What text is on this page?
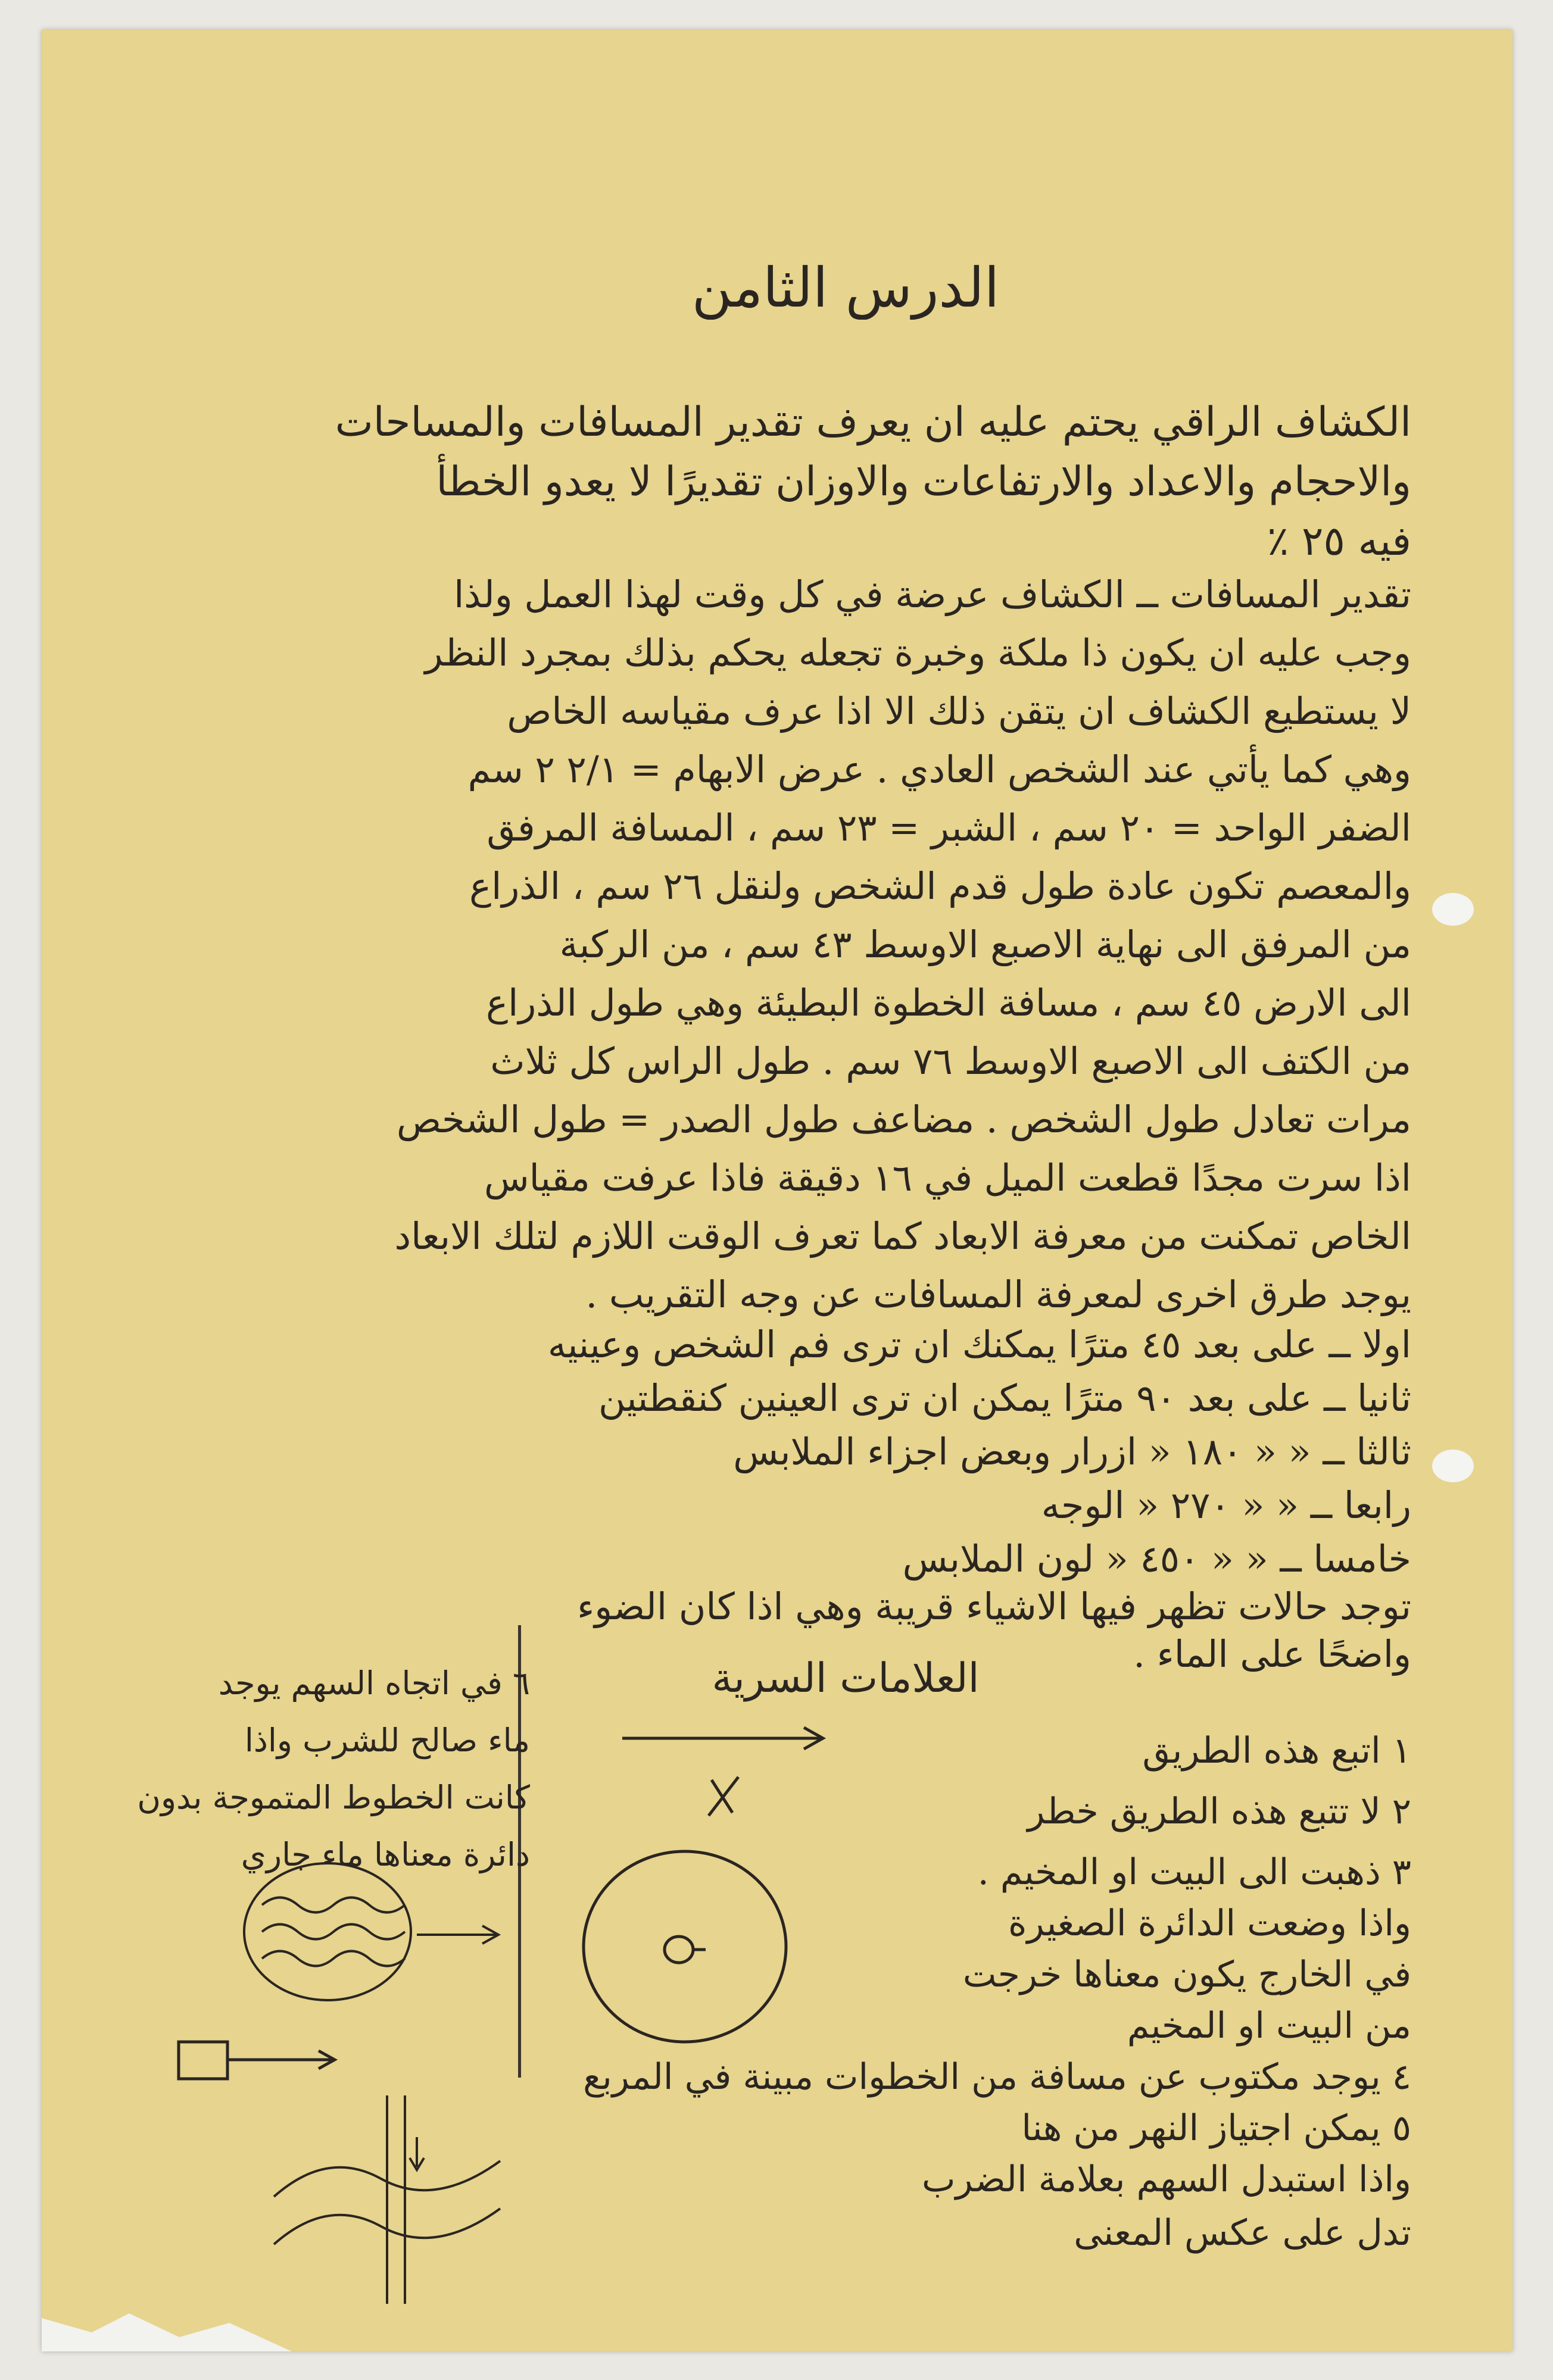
الدرس الثامن
الكشاف الراقي يحتم عليه ان يعرف تقدير المسافات والمساحات
والاحجام والاعداد والارتفاعات والاوزان تقديرًا لا يعدو الخطأ
فيه ٢٥ ٪
تقدير المسافات ــ الكشاف عرضة في كل وقت لهذا العمل ولذا
وجب عليه ان يكون ذا ملكة وخبرة تجعله يحكم بذلك بمجرد النظر
لا يستطيع الكشاف ان يتقن ذلك الا اذا عرف مقياسه الخاص
وهي كما يأتي عند الشخص العادي . عرض الابهام = ٢/١ ٢ سم
الضفر الواحد = ٢٠ سم ، الشبر = ٢٣ سم ، المسافة المرفق
والمعصم تكون عادة طول قدم الشخص ولنقل ٢٦ سم ، الذراع
من المرفق الى نهاية الاصبع الاوسط ٤٣ سم ، من الركبة
الى الارض ٤٥ سم ، مسافة الخطوة البطيئة وهي طول الذراع
من الكتف الى الاصبع الاوسط ٧٦ سم . طول الراس كل ثلاث
مرات تعادل طول الشخص . مضاعف طول الصدر = طول الشخص
اذا سرت مجدًا قطعت الميل في ١٦ دقيقة فاذا عرفت مقياس
الخاص تمكنت من معرفة الابعاد كما تعرف الوقت اللازم لتلك الابعاد
يوجد طرق اخرى لمعرفة المسافات عن وجه التقريب .
اولا ــ على بعد ٤٥ مترًا يمكنك ان ترى فم الشخص وعينيه
ثانيا ــ على بعد ٩٠ مترًا يمكن ان ترى العينين كنقطتين
ثالثا ــ « « ١٨٠ « ازرار وبعض اجزاء الملابس
رابعا ــ « « ٢٧٠ « الوجه
خامسا ــ « « ٤٥٠ « لون الملابس
توجد حالات تظهر فيها الاشياء قريبة وهي اذا كان الضوء
واضحًا على الماء .
العلامات السرية
١ اتبع هذه الطريق
٢ لا تتبع هذه الطريق خطر
٣ ذهبت الى البيت او المخيم .
واذا وضعت الدائرة الصغيرة
في الخارج يكون معناها خرجت
من البيت او المخيم
٤ يوجد مكتوب عن مسافة من الخطوات مبينة في المربع
٥ يمكن اجتياز النهر من هنا
واذا استبدل السهم بعلامة الضرب
تدل على عكس المعنى
٦ في اتجاه السهم يوجد
ماء صالح للشرب واذا
كانت الخطوط المتموجة بدون
دائرة معناها ماء جاري
